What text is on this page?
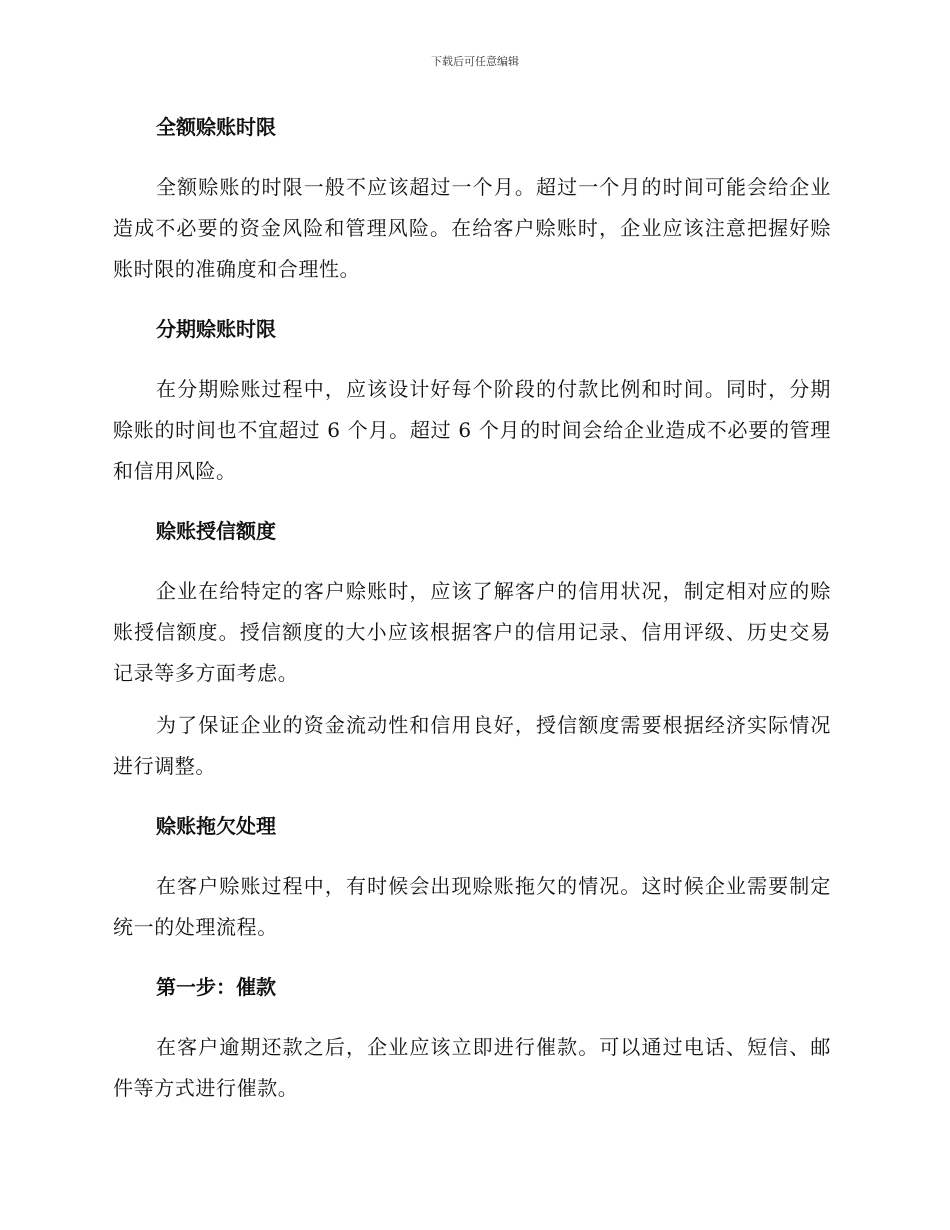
下载后可任意编辑
全额赊账时限

全额赊账的时限一般不应该超过一个月。超过一个月的时间可能会给企业造成不必要的资金风险和管理风险。在给客户赊账时，企业应该注意把握好赊账时限的准确度和合理性。

分期赊账时限

在分期赊账过程中，应该设计好每个阶段的付款比例和时间。同时，分期赊账的时间也不宜超过 6 个月。超过 6 个月的时间会给企业造成不必要的管理和信用风险。

赊账授信额度

企业在给特定的客户赊账时，应该了解客户的信用状况，制定相对应的赊账授信额度。授信额度的大小应该根据客户的信用记录、信用评级、历史交易记录等多方面考虑。

为了保证企业的资金流动性和信用良好，授信额度需要根据经济实际情况进行调整。

赊账拖欠处理

在客户赊账过程中，有时候会出现赊账拖欠的情况。这时候企业需要制定统一的处理流程。

第一步：催款

在客户逾期还款之后，企业应该立即进行催款。可以通过电话、短信、邮件等方式进行催款。
